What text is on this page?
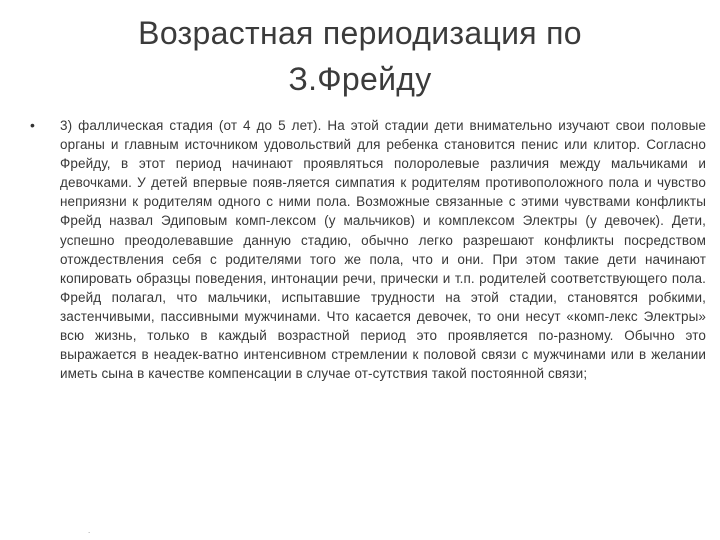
Возрастная периодизация по
З.Фрейду
• 3) фаллическая стадия (от 4 до 5 лет). На этой стадии дети внимательно изучают свои половые органы и главным источником удовольствий для ребенка становится пенис или клитор. Согласно Фрейду, в этот период начинают проявляться полоролевые различия между мальчиками и девочками. У детей впервые появ-ляется симпатия к родителям противоположного пола и чувство неприязни к родителям одного с ними пола. Возможные связанные с этими чувствами конфликты Фрейд назвал Эдиповым комп-лексом (у мальчиков) и комплексом Электры (у девочек). Дети, успешно преодолевавшие данную стадию, обычно легко разрешают конфликты посредством отождествления себя с родителями того же пола, что и они. При этом такие дети начинают копировать образцы поведения, интонации речи, прически и т.п. родителей соответствующего пола. Фрейд полагал, что мальчики, испытавшие трудности на этой стадии, становятся робкими, застенчивыми, пассивными мужчинами. Что касается девочек, то они несут «комп-лекс Электры» всю жизнь, только в каждый возрастной период это проявляется по-разному. Обычно это выражается в неадек-ватно интенсивном стремлении к половой связи с мужчинами или в желании иметь сына в качестве компенсации в случае от-сутствия такой постоянной связи;

.
